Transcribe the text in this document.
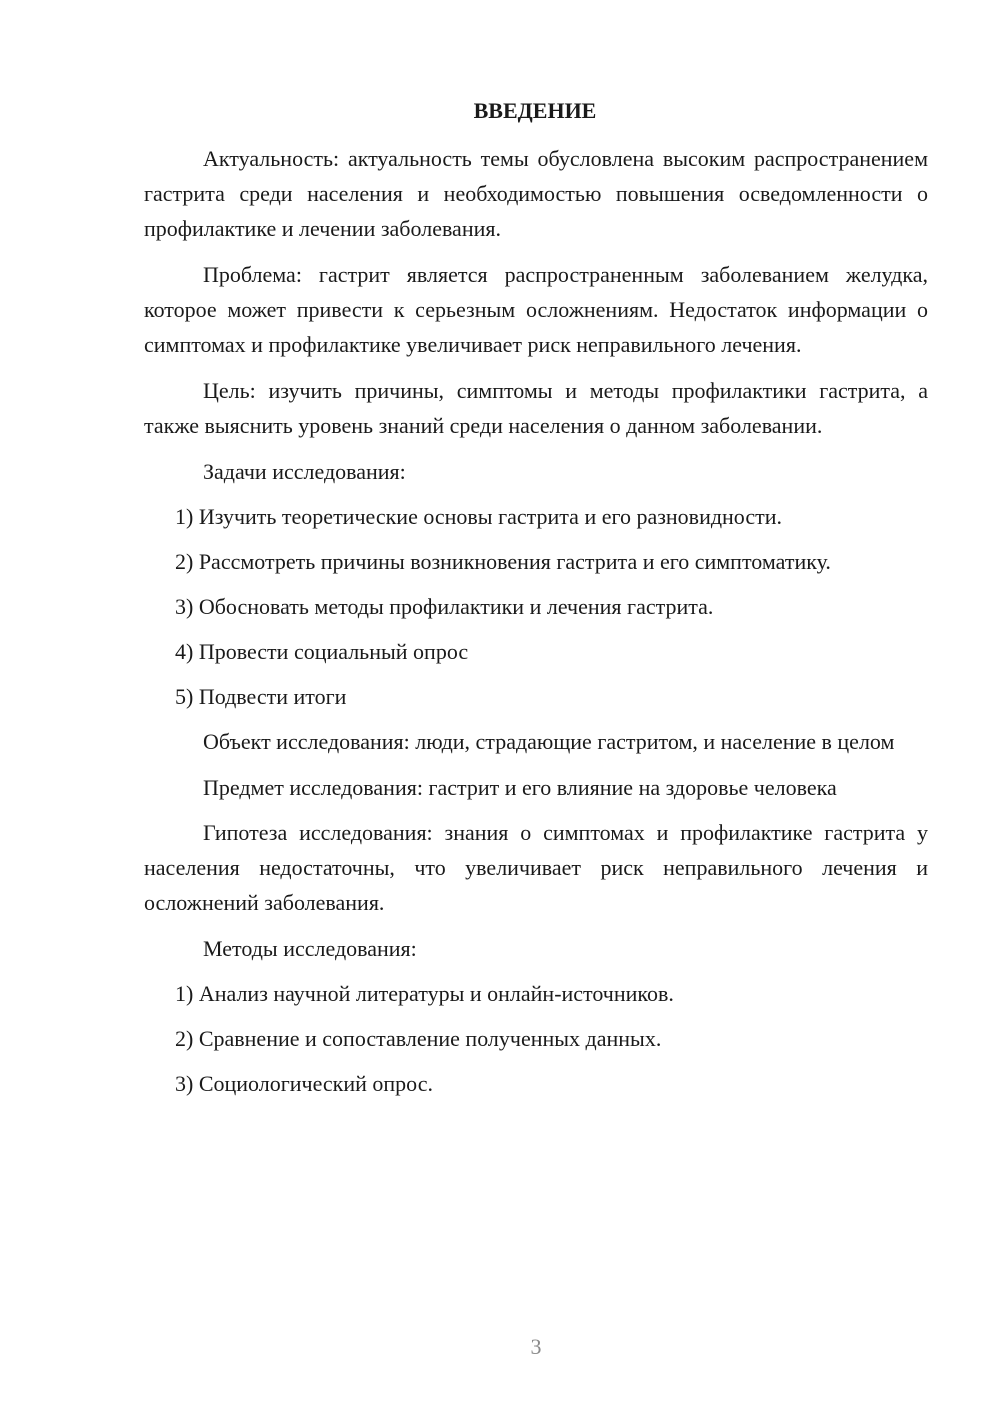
ВВЕДЕНИЕ

Актуальность: актуальность темы обусловлена высоким распространением гастрита среди населения и необходимостью повышения осведомленности о профилактике и лечении заболевания.

Проблема: гастрит является распространенным заболеванием желудка, которое может привести к серьезным осложнениям. Недостаток информации о симптомах и профилактике увеличивает риск неправильного лечения.

Цель: изучить причины, симптомы и методы профилактики гастрита, а также выяснить уровень знаний среди населения о данном заболевании.

Задачи исследования:

1) Изучить теоретические основы гастрита и его разновидности.

2) Рассмотреть причины возникновения гастрита и его симптоматику.

3) Обосновать методы профилактики и лечения гастрита.

4) Провести социальный опрос

5) Подвести итоги

Объект исследования: люди, страдающие гастритом, и население в целом

Предмет исследования: гастрит и его влияние на здоровье человека

Гипотеза исследования: знания о симптомах и профилактике гастрита у населения недостаточны, что увеличивает риск неправильного лечения и осложнений заболевания.

Методы исследования:

1) Анализ научной литературы и онлайн-источников.

2) Сравнение и сопоставление полученных данных.

3) Социологический опрос.

3
